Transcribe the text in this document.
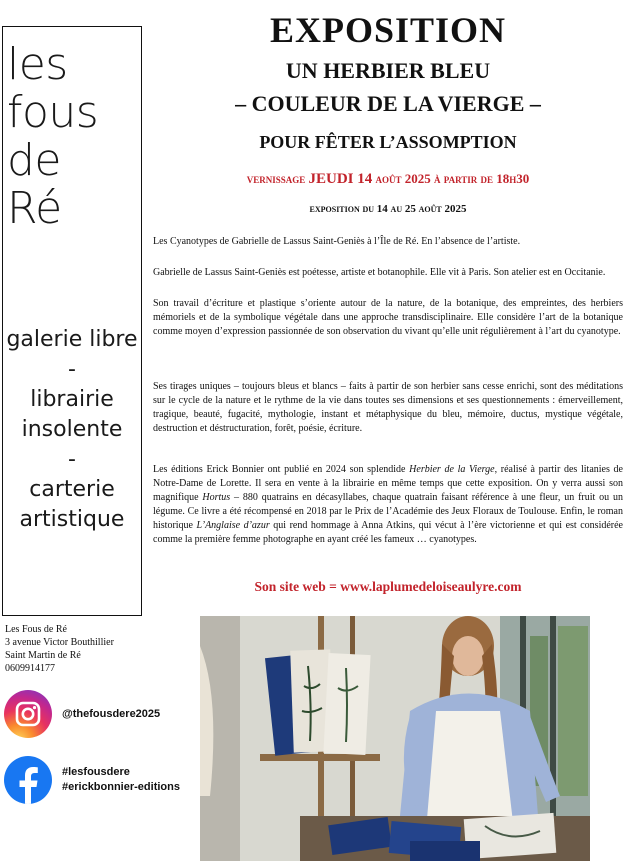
les
fous
de
Ré
galerie libre
-
librairie
insolente
-
carterie
artistique
Les Fous de Ré
3 avenue Victor Bouthillier
Saint Martin de Ré
0609914177
@thefousdere2025
#lesfousdere
#erickbonnier-editions
EXPOSITION
UN HERBIER BLEU
– COULEUR DE LA VIERGE –
POUR FÊTER L’ASSOMPTION
vernissage JEUDI 14 août 2025 à partir de 18h30
exposition du 14 au 25 août 2025

Les Cyanotypes de Gabrielle de Lassus Saint-Geniès à l’Île de Ré. En l’absence de l’artiste.

Gabrielle de Lassus Saint-Geniès est poétesse, artiste et botanophile. Elle vit à Paris. Son atelier est en Occitanie.

Son travail d’écriture et plastique s’oriente autour de la nature, de la botanique, des empreintes, des herbiers mémoriels et de la symbolique végétale dans une approche transdisciplinaire. Elle considère l’art de la botanique comme moyen d’expression passionnée de son observation du vivant qu’elle unit régulièrement à l’art du cyanotype.

Ses tirages uniques – toujours bleus et blancs – faits à partir de son herbier sans cesse enrichi, sont des méditations sur le cycle de la nature et le rythme de la vie dans toutes ses dimensions et ses questionnements : émerveillement, tragique, beauté, fugacité, mythologie, instant et métaphysique du bleu, mémoire, ductus, mystique végétale, destruction et déstructuration, forêt, poésie, écriture.

Les éditions Erick Bonnier ont publié en 2024 son splendide Herbier de la Vierge, réalisé à partir des litanies de Notre-Dame de Lorette. Il sera en vente à la librairie en même temps que cette exposition. On y verra aussi son magnifique Hortus – 880 quatrains en décasyllabes, chaque quatrain faisant référence à une fleur, un fruit ou un légume. Ce livre a été récompensé en 2018 par le Prix de l’Académie des Jeux Floraux de Toulouse. Enfin, le roman historique L’Anglaise d’azur qui rend hommage à Anna Atkins, qui vécut à l’ère victorienne et qui est considérée comme la première femme photographe en ayant créé les fameux … cyanotypes.

Son site web = www.laplumedeloiseaulyre.com
